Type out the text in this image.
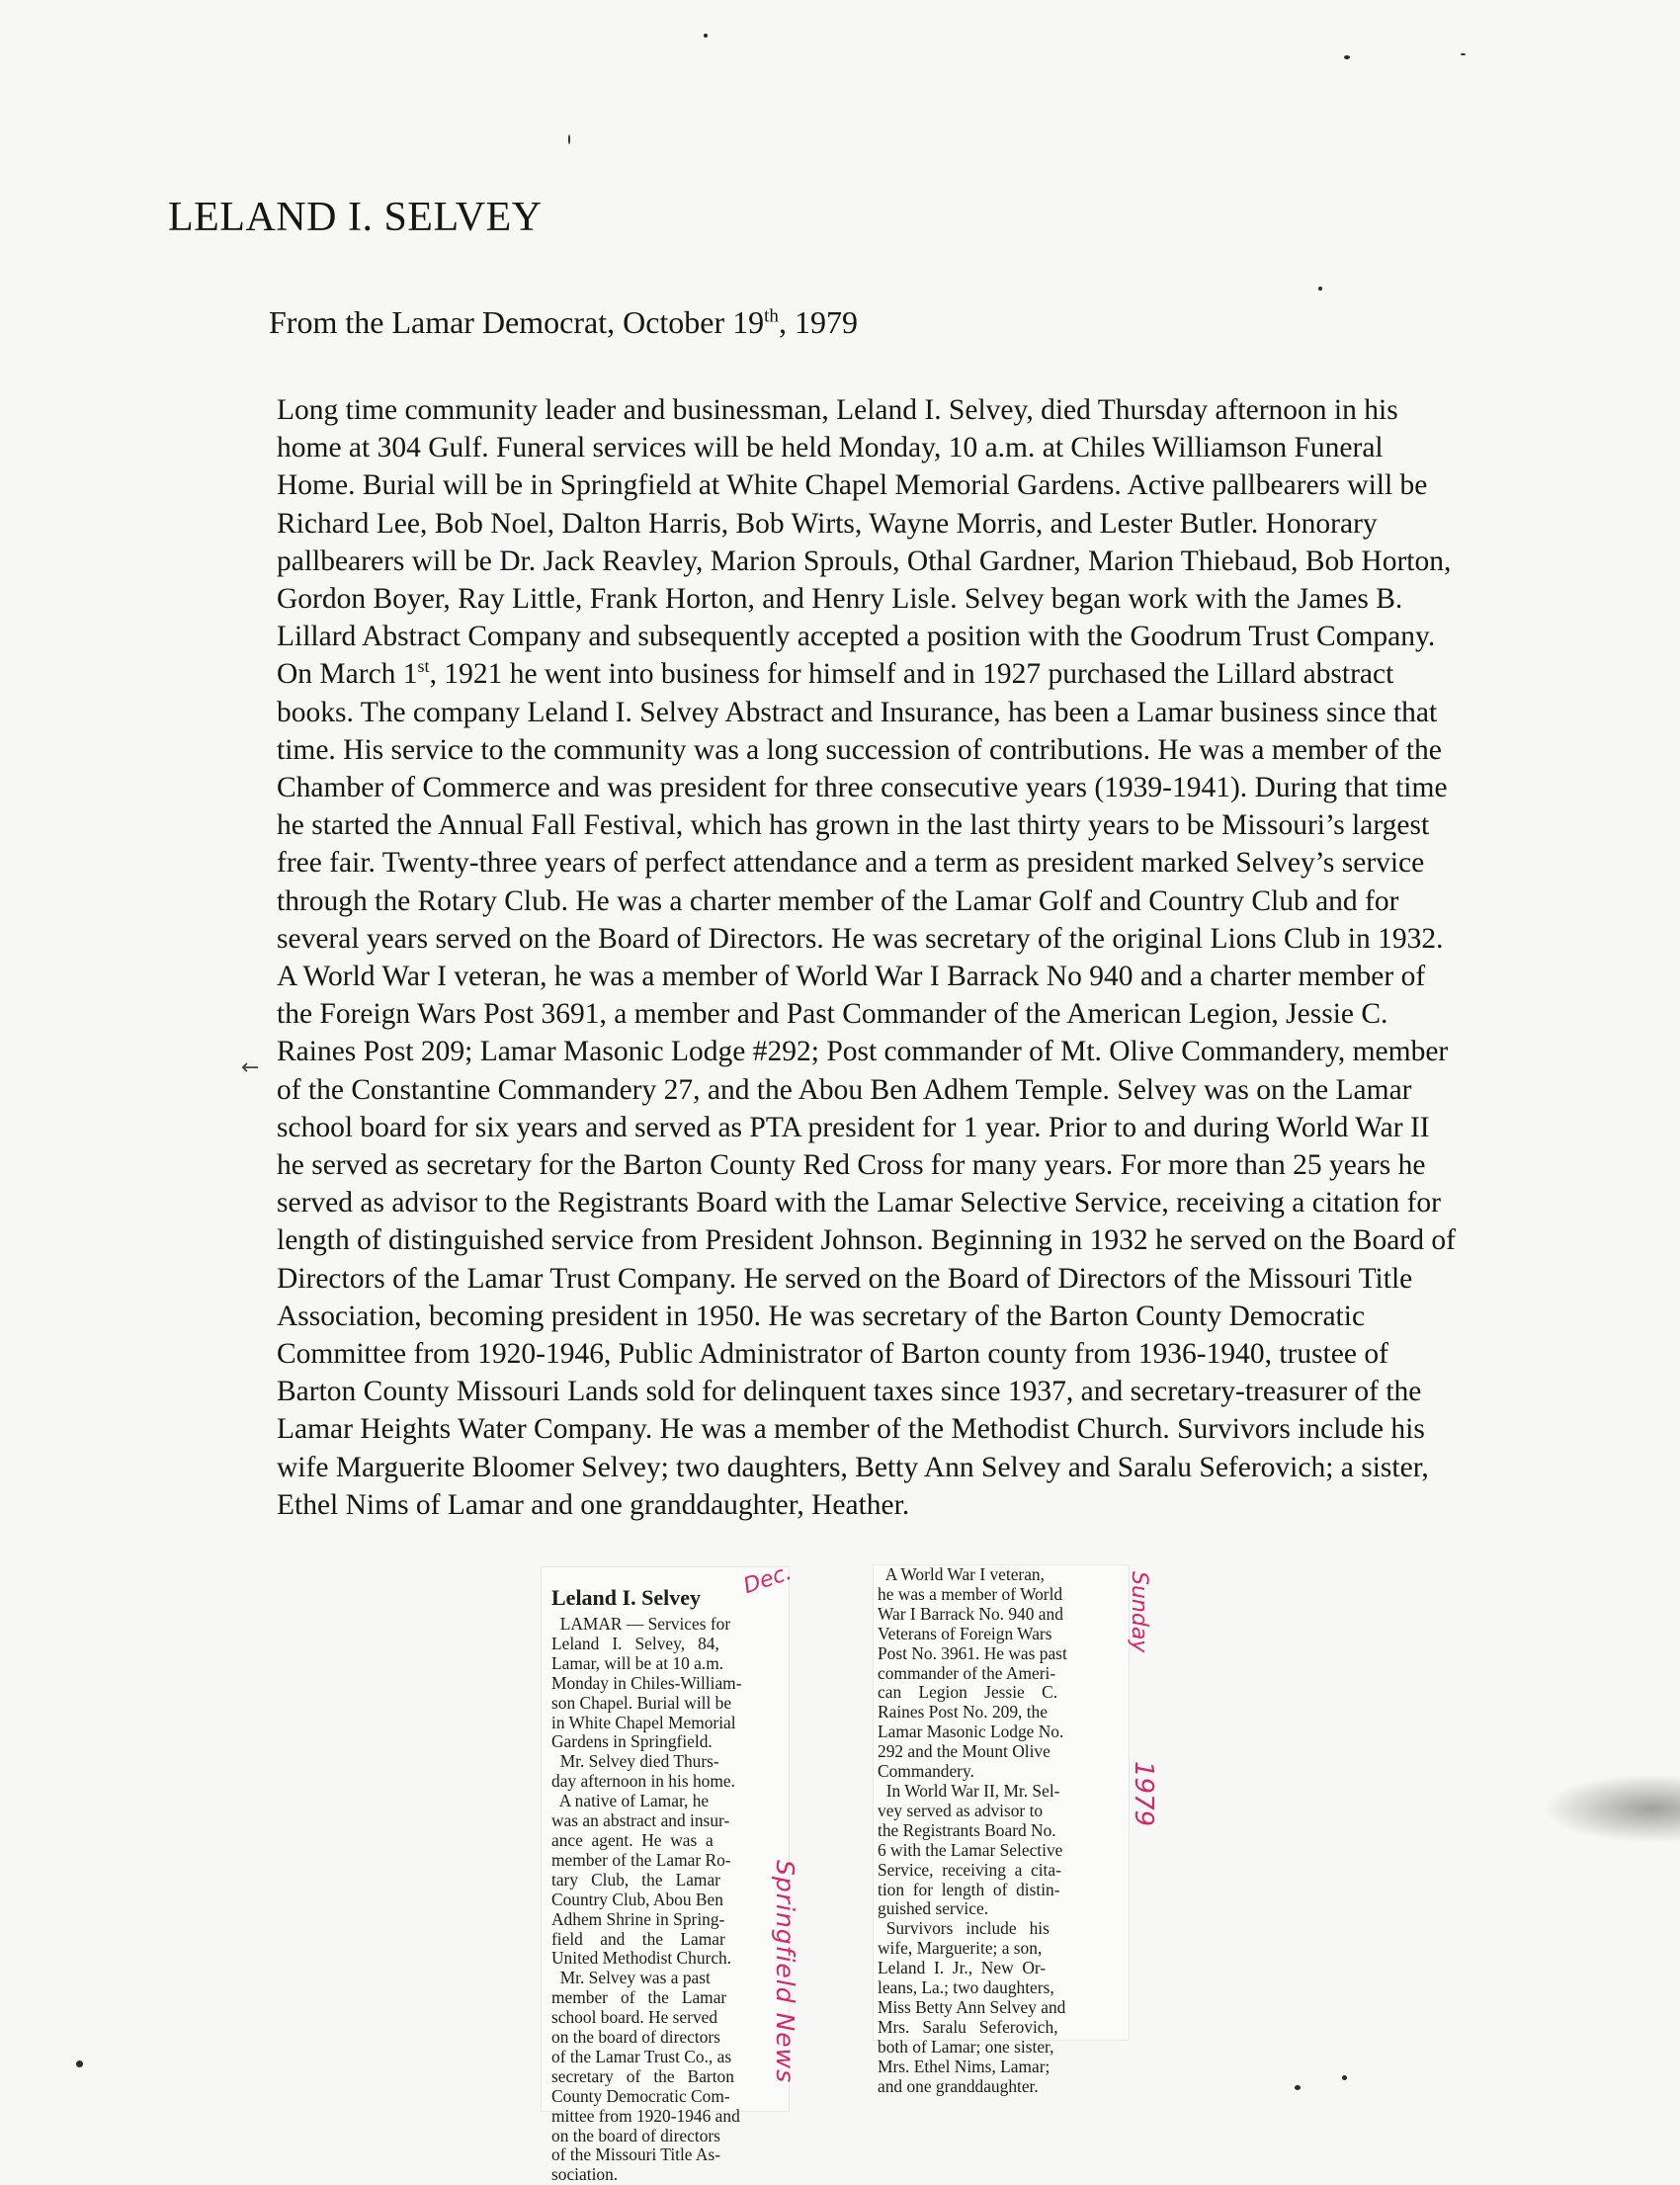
LELAND I. SELVEY
From the Lamar Democrat, October 19th, 1979
Long time community leader and businessman, Leland I. Selvey, died Thursday afternoon in his
home at 304 Gulf. Funeral services will be held Monday, 10 a.m. at Chiles Williamson Funeral
Home. Burial will be in Springfield at White Chapel Memorial Gardens. Active pallbearers will be
Richard Lee, Bob Noel, Dalton Harris, Bob Wirts, Wayne Morris, and Lester Butler. Honorary
pallbearers will be Dr. Jack Reavley, Marion Sprouls, Othal Gardner, Marion Thiebaud, Bob Horton,
Gordon Boyer, Ray Little, Frank Horton, and Henry Lisle. Selvey began work with the James B.
Lillard Abstract Company and subsequently accepted a position with the Goodrum Trust Company.
On March 1st, 1921 he went into business for himself and in 1927 purchased the Lillard abstract
books. The company Leland I. Selvey Abstract and Insurance, has been a Lamar business since that
time. His service to the community was a long succession of contributions. He was a member of the
Chamber of Commerce and was president for three consecutive years (1939-1941). During that time
he started the Annual Fall Festival, which has grown in the last thirty years to be Missouri’s largest
free fair. Twenty-three years of perfect attendance and a term as president marked Selvey’s service
through the Rotary Club. He was a charter member of the Lamar Golf and Country Club and for
several years served on the Board of Directors. He was secretary of the original Lions Club in 1932.
A World War I veteran, he was a member of World War I Barrack No 940 and a charter member of
the Foreign Wars Post 3691, a member and Past Commander of the American Legion, Jessie C.
Raines Post 209; Lamar Masonic Lodge #292; Post commander of Mt. Olive Commandery, member
of the Constantine Commandery 27, and the Abou Ben Adhem Temple. Selvey was on the Lamar
school board for six years and served as PTA president for 1 year. Prior to and during World War II
he served as secretary for the Barton County Red Cross for many years. For more than 25 years he
served as advisor to the Registrants Board with the Lamar Selective Service, receiving a citation for
length of distinguished service from President Johnson. Beginning in 1932 he served on the Board of
Directors of the Lamar Trust Company. He served on the Board of Directors of the Missouri Title
Association, becoming president in 1950. He was secretary of the Barton County Democratic
Committee from 1920-1946, Public Administrator of Barton county from 1936-1940, trustee of
Barton County Missouri Lands sold for delinquent taxes since 1937, and secretary-treasurer of the
Lamar Heights Water Company. He was a member of the Methodist Church. Survivors include his
wife Marguerite Bloomer Selvey; two daughters, Betty Ann Selvey and Saralu Seferovich; a sister,
Ethel Nims of Lamar and one granddaughter, Heather.
Leland I. Selvey
LAMAR — Services for
Leland   I.   Selvey,   84,
Lamar, will be at 10 a.m.
Monday in Chiles-William-
son Chapel. Burial will be
in White Chapel Memorial
Gardens in Springfield.
Mr. Selvey died Thurs-
day afternoon in his home.
A native of Lamar, he
was an abstract and insur-
ance  agent.  He  was  a
member of the Lamar Ro-
tary   Club,   the   Lamar
Country Club, Abou Ben
Adhem Shrine in Spring-
field    and    the    Lamar
United Methodist Church.
Mr. Selvey was a past
member   of   the   Lamar
school board. He served
on the board of directors
of the Lamar Trust Co., as
secretary   of   the   Barton
County Democratic Com-
mittee from 1920-1946 and
on the board of directors
of the Missouri Title As-
sociation.
A World War I veteran,
he was a member of World
War I Barrack No. 940 and
Veterans of Foreign Wars
Post No. 3961. He was past
commander of the Ameri-
can    Legion    Jessie    C.
Raines Post No. 209, the
Lamar Masonic Lodge No.
292 and the Mount Olive
Commandery.
In World War II, Mr. Sel-
vey served as advisor to
the Registrants Board No.
6 with the Lamar Selective
Service,  receiving  a  cita-
tion  for  length  of  distin-
guished service.
Survivors   include   his
wife, Marguerite; a son,
Leland  I.  Jr.,  New  Or-
leans, La.; two daughters,
Miss Betty Ann Selvey and
Mrs.   Saralu   Seferovich,
both of Lamar; one sister,
Mrs. Ethel Nims, Lamar;
and one granddaughter.
Dec.
Springfield News
Sunday
1979
←
